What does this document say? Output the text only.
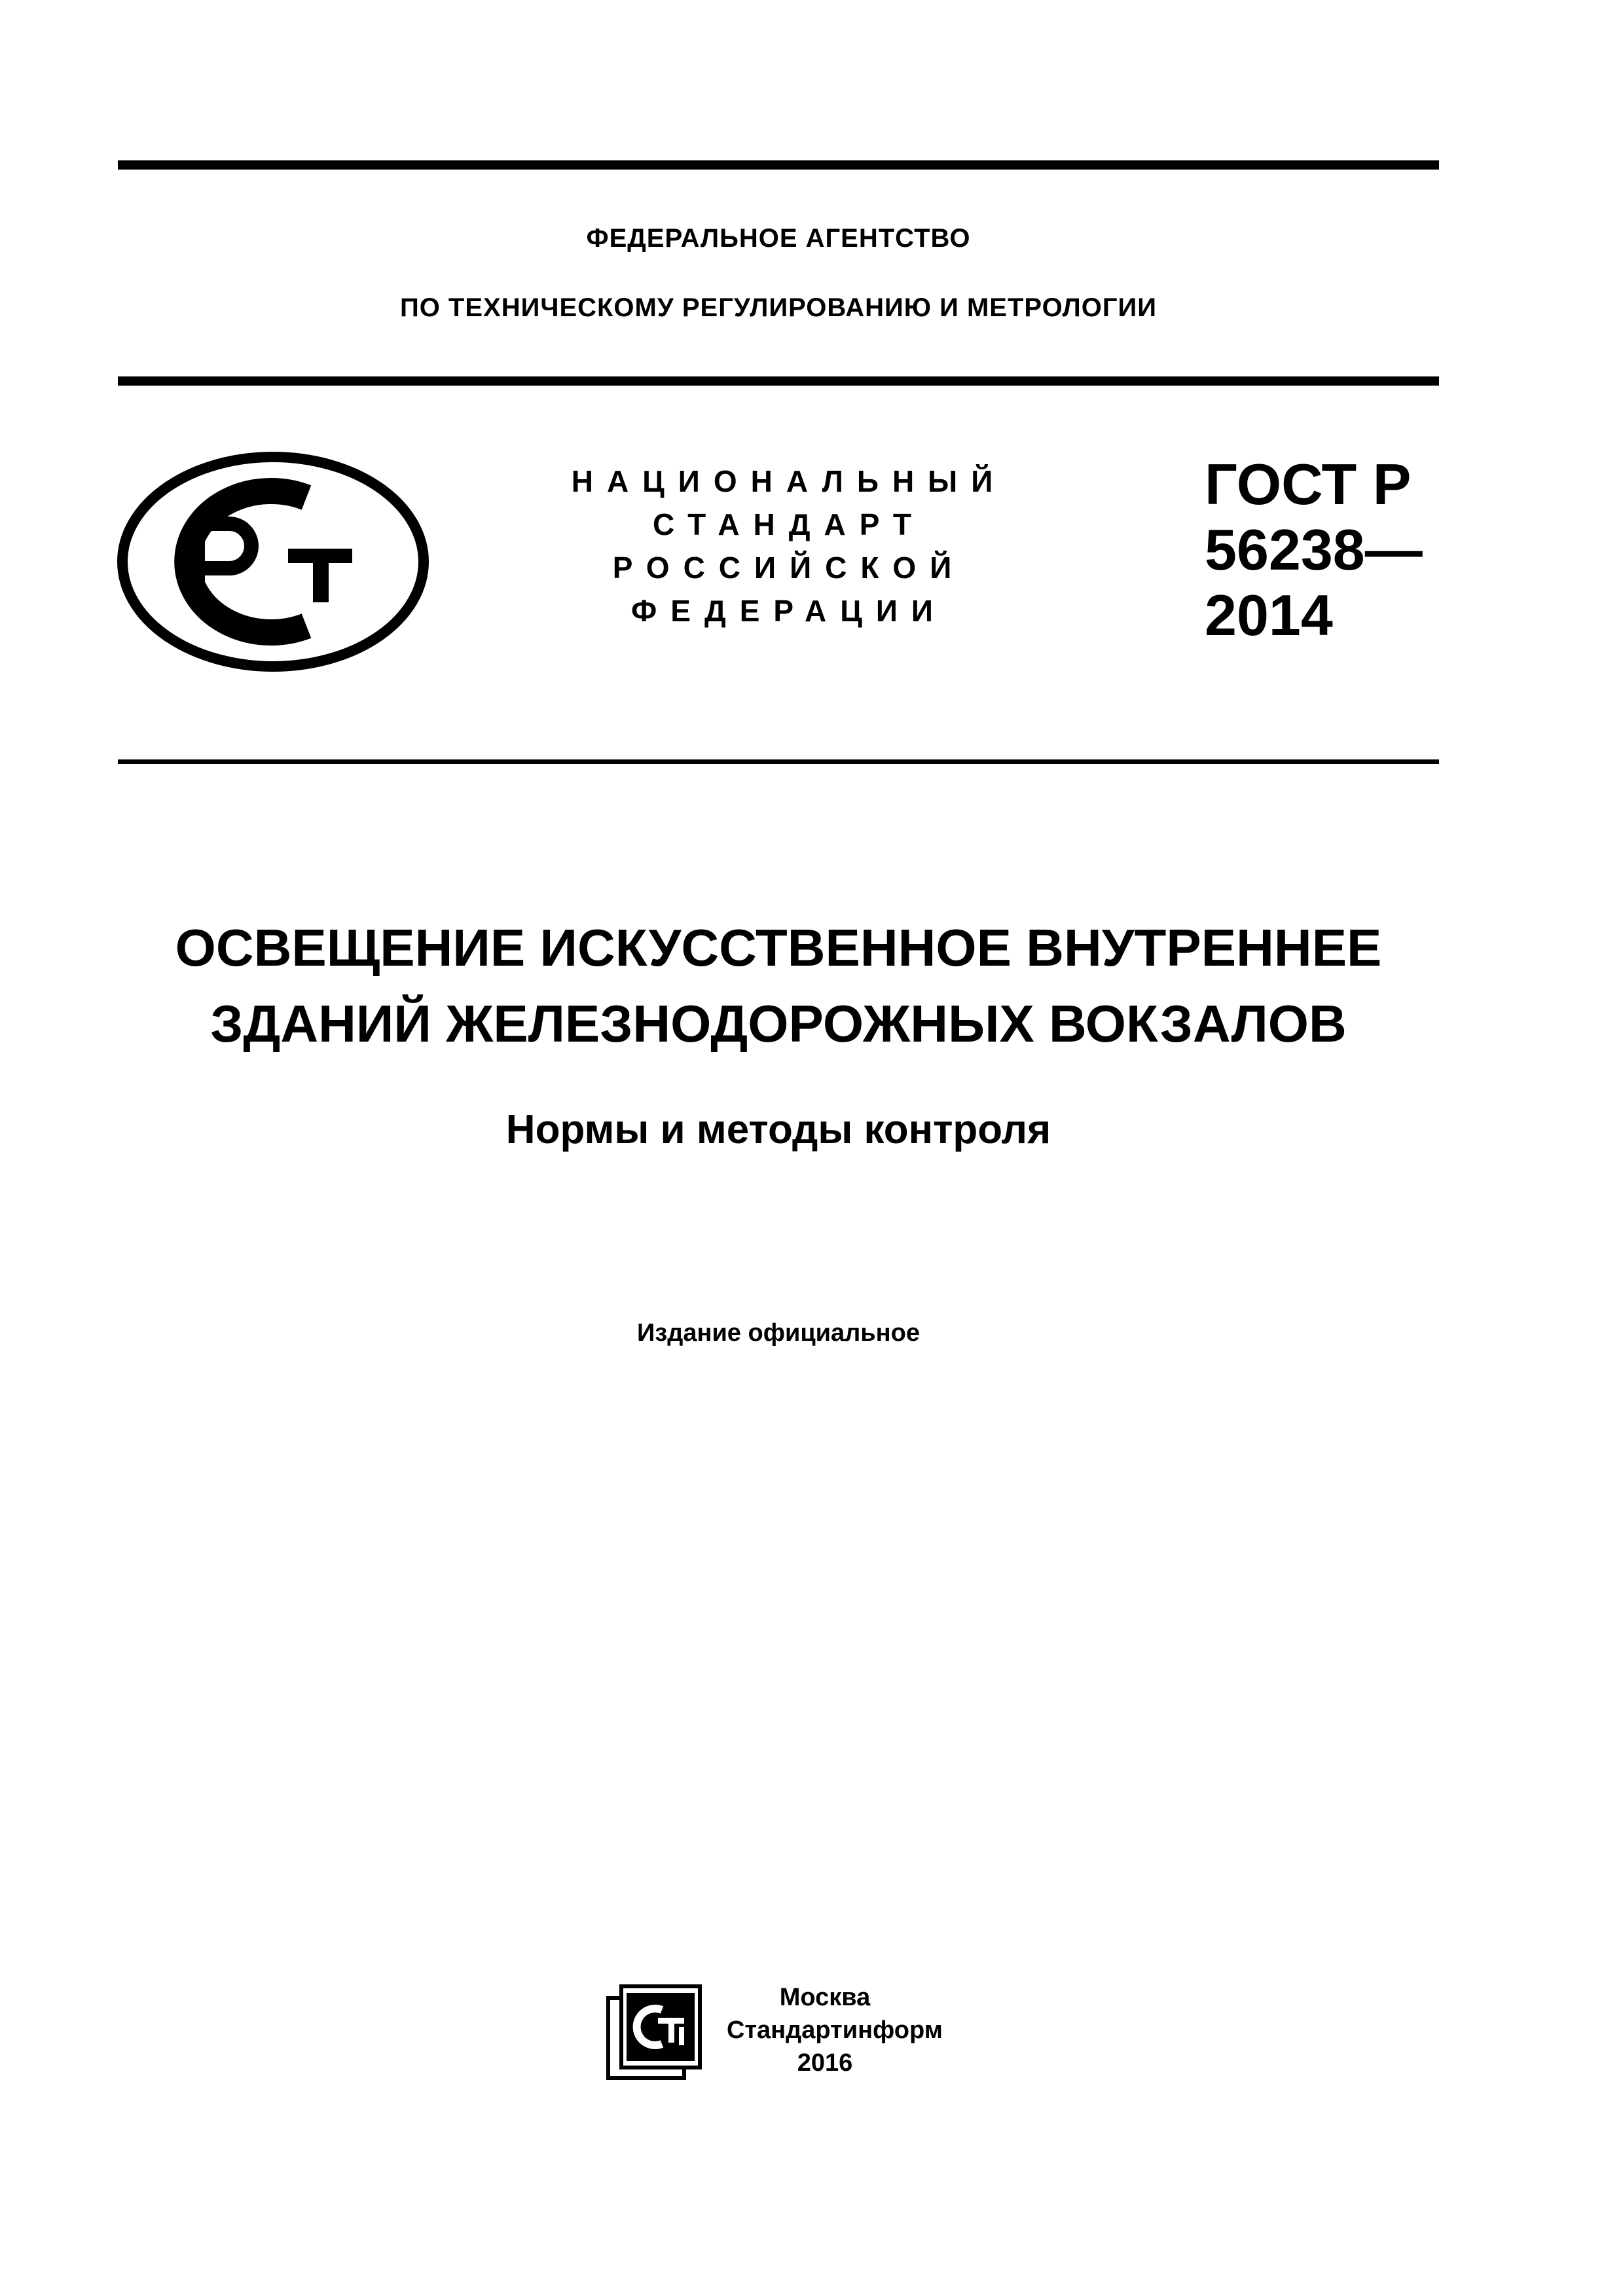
ФЕДЕРАЛЬНОЕ АГЕНТСТВО
ПО ТЕХНИЧЕСКОМУ РЕГУЛИРОВАНИЮ И МЕТРОЛОГИИ
НАЦИОНАЛЬНЫЙ
СТАНДАРТ
РОССИЙСКОЙ
ФЕДЕРАЦИИ
ГОСТ Р
56238—
2014
ОСВЕЩЕНИЕ ИСКУССТВЕННОЕ ВНУТРЕННЕЕ
ЗДАНИЙ ЖЕЛЕЗНОДОРОЖНЫХ ВОКЗАЛОВ
Нормы и методы контроля
Издание официальное
Москва
Стандартинформ
2016
